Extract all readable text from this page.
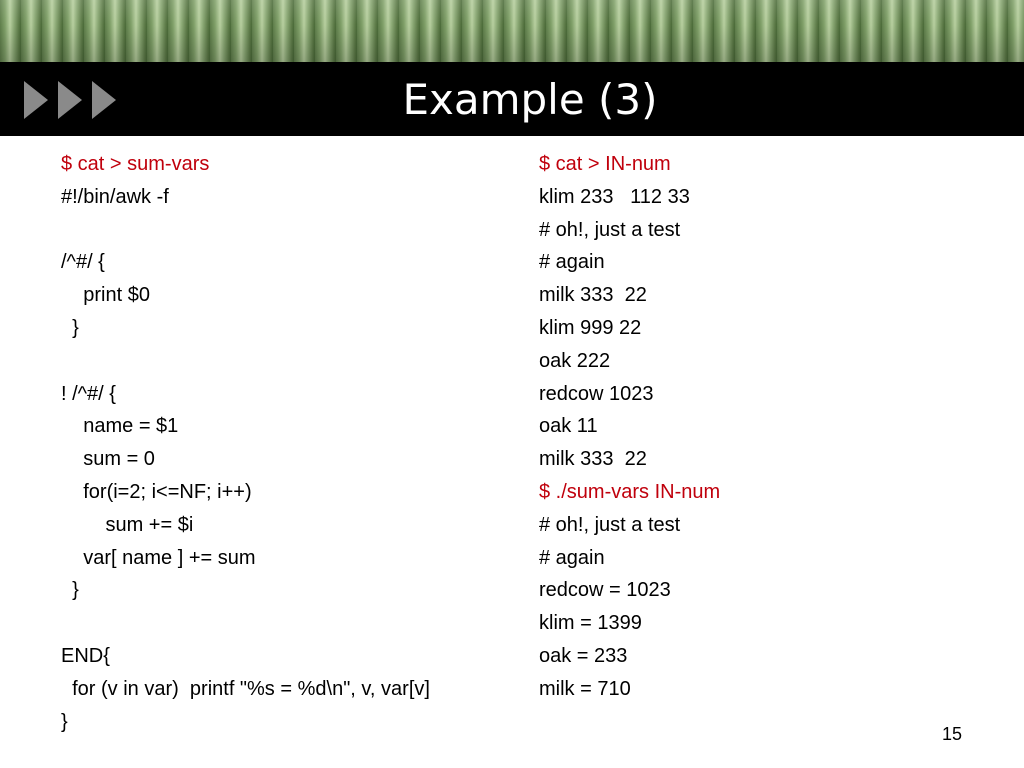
Example (3)
$ cat > sum-vars
#!/bin/awk -f
/^#/ {
print $0
}
! /^#/ {
name = $1
sum = 0
for(i=2; i<=NF; i++)
sum += $i
var[ name ] += sum
}
END{
for (v in var)  printf "%s = %d\n", v, var[v]
}
$ cat > IN-num
klim 233   112 33
# oh!, just a test
# again
milk 333  22
klim 999 22
oak 222
redcow 1023
oak 11
milk 333  22
$ ./sum-vars IN-num
# oh!, just a test
# again
redcow = 1023
klim = 1399
oak = 233
milk = 710
15
